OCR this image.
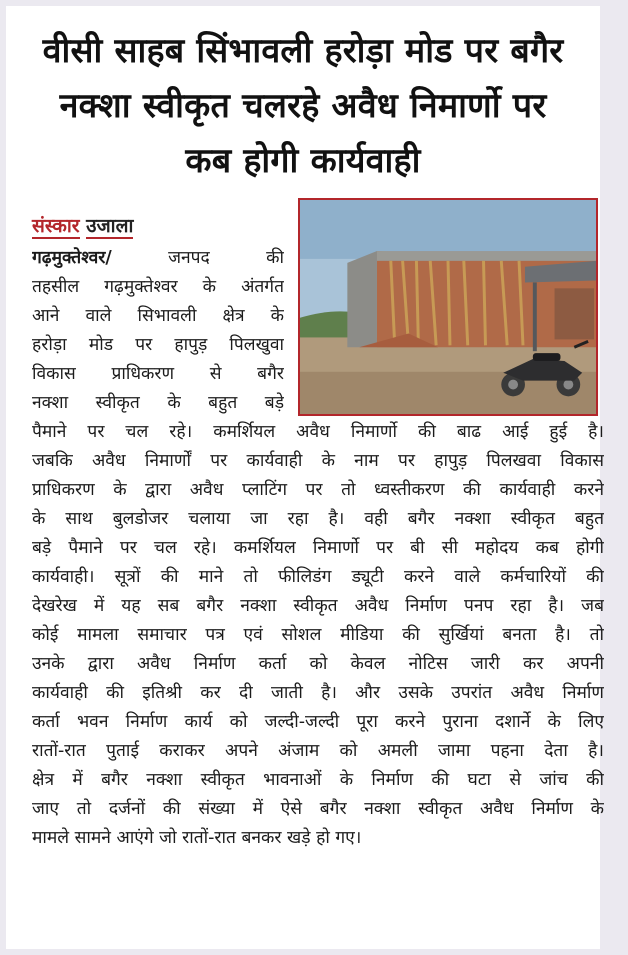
वीसी साहब सिंभावली हरोड़ा मोड पर बगैर
नक्शा स्वीकृत चलरहे अवैध निमार्णो पर
कब होगी कार्यवाही
संस्कार उजाला
गढ़मुक्तेश्वर/	जनपद की
तहसील गढ़मुक्तेश्वर के अंतर्गत
आने वाले सिभावली क्षेत्र के
हरोड़ा मोड पर हापुड़ पिलखुवा
विकास प्राधिकरण से बगैर
नक्शा स्वीकृत के बहुत बड़े
पैमाने पर चल रहे। कमर्शियल अवैध निमार्णो की बाढ आई हुई है।
जबकि अवैध निमार्णों पर कार्यवाही के नाम पर हापुड़ पिलखवा विकास
प्राधिकरण के द्वारा अवैध प्लाटिंग पर तो ध्वस्तीकरण की कार्यवाही करने
के साथ बुलडोजर चलाया जा रहा है। वही बगैर नक्शा स्वीकृत बहुत
बड़े पैमाने पर चल रहे। कमर्शियल निमार्णो पर बी सी महोदय कब होगी
कार्यवाही। सूत्रों की माने तो फीलि‍डंग ड्यूटी करने वाले कर्मचारियों की
देखरेख में यह सब बगैर नक्शा स्वीकृत अवैध निर्माण पनप रहा है। जब
कोई मामला समाचार पत्र एवं सोशल मीडिया की सुर्खियां बनता है। तो
उनके द्वारा अवैध निर्माण कर्ता को केवल नोटिस जारी कर अपनी
कार्यवाही की इतिश्री कर दी जाती है। और उसके उपरांत अवैध निर्माण
कर्ता भवन निर्माण कार्य को जल्दी-जल्दी पूरा करने पुराना दशार्ने के लिए
रातों-रात पुताई कराकर अपने अंजाम को अमली जामा पहना देता है।
क्षेत्र में बगैर नक्शा स्वीकृत भावनाओं के निर्माण की घटा से जांच की
जाए तो दर्जनों की संख्या में ऐसे बगैर नक्शा स्वीकृत अवैध निर्माण के
मामले सामने आएंगे जो रातों-रात बनकर खड़े हो गए।
